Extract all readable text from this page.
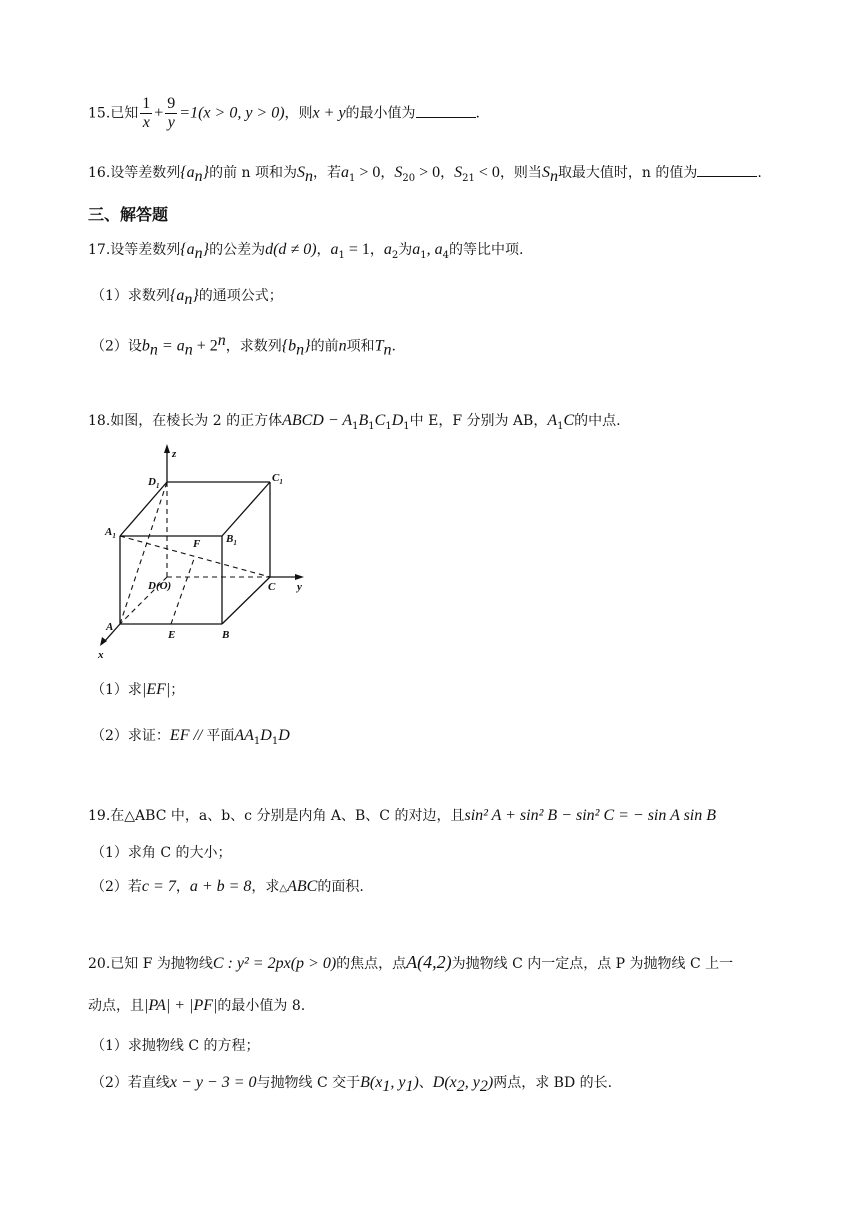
15.已知 $\frac{1}{x} + \frac{9}{y} =1(x > 0$, y > 0)，则x + y的最小值为	.
16.设等差数列$\{a_n\}$的前 n 项和为$S_n$，若$a_1 > 0$，$S_{20} > 0$，$S_{21} < 0$，则当$S_n$取最大值时，n 的值为	.
三、解答题
17.设等差数列$\{a_n\}$的公差为d(d ≠ 0)，$a_1 = 1$，$a_2$为$a_1$, $a_4$的等比中项.
（1）求数列$\{a_n\}$的通项公式；
（2）设$b_n = a_n + 2^n$，求数列$\{b_n\}$的前n项和$T_n$.
18.如图，在棱长为 2 的正方体ABCD − $A_1B_1C_1D_1$中 E，F 分别为 AB，$A_1C$的中点.
z
y
x
$D_1$
$C_1$
$A_1$	$B_1$
F
D(O)	C
A
E	B
（1）求|EF|；
（2）求证：EF // 平面$AA_1D_1D$
19.在△ABC 中，a、b、c 分别是内角 A、B、C 的对边，且sin² A + sin² B − sin² C = − sin A sin B
（1）求角 C 的大小；
（2）若c = 7，a + b = 8，求△ABC的面积.
20.已知 F 为抛物线C : y² = 2px(p > 0)的焦点，点A(4,2)为抛物线 C 内一定点，点 P 为抛物线 C 上一
动点，且|PA| + |PF|的最小值为 8.
（1）求抛物线 C 的方程；
（2）若直线x − y − 3 = 0与抛物线 C 交于$B(x_1$, $y_1$)、$D(x_2$, $y_2$)两点，求 BD 的长.
